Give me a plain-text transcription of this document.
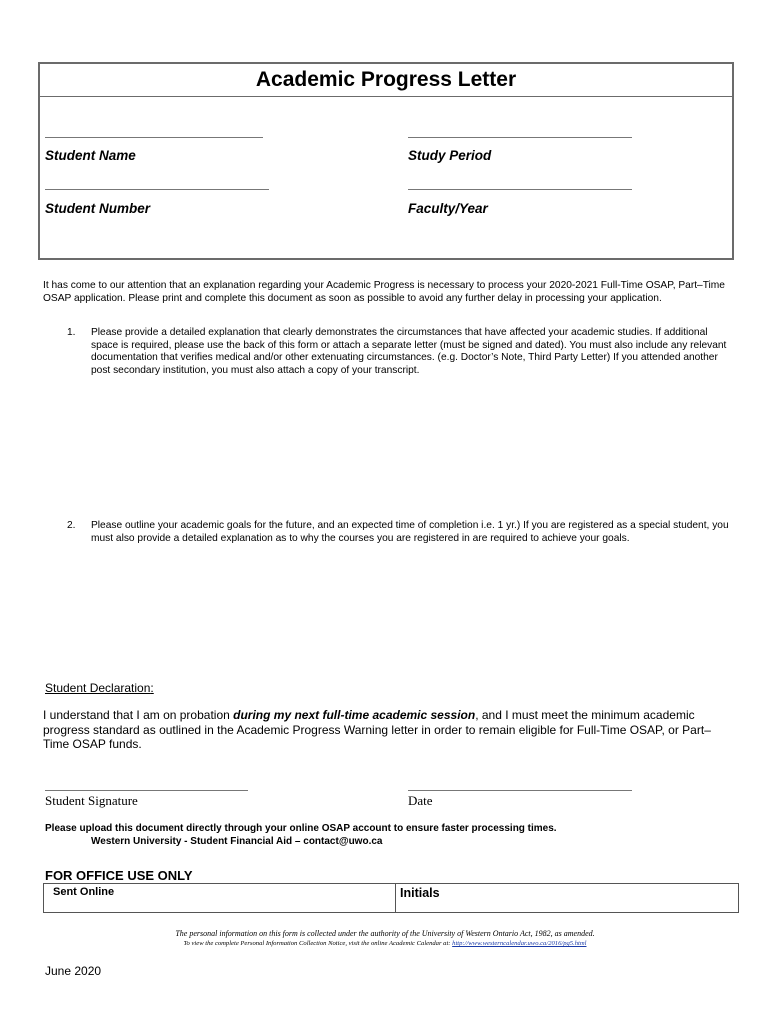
Academic Progress Letter
Student Name	Study Period
Student Number	Faculty/Year
It has come to our attention that an explanation regarding your Academic Progress is necessary to process your 2020-2021 Full-Time OSAP, Part–Time OSAP application. Please print and complete this document as soon as possible to avoid any further delay in processing your application.
1. Please provide a detailed explanation that clearly demonstrates the circumstances that have affected your academic studies. If additional space is required, please use the back of this form or attach a separate letter (must be signed and dated). You must also include any relevant documentation that verifies medical and/or other extenuating circumstances. (e.g. Doctor’s Note, Third Party Letter) If you attended another post secondary institution, you must also attach a copy of your transcript.
2. Please outline your academic goals for the future, and an expected time of completion i.e. 1 yr.) If you are registered as a special student, you must also provide a detailed explanation as to why the courses you are registered in are required to achieve your goals.
Student Declaration:
I understand that I am on probation during my next full-time academic session, and I must meet the minimum academic progress standard as outlined in the Academic Progress Warning letter in order to remain eligible for Full-Time OSAP, or Part–Time OSAP funds.
Student Signature	Date
Please upload this document directly through your online OSAP account to ensure faster processing times.
Western University - Student Financial Aid – contact@uwo.ca
FOR OFFICE USE ONLY
Sent Online	Initials
The personal information on this form is collected under the authority of the University of Western Ontario Act, 1982, as amended.
To view the complete Personal Information Collection Notice, visit the online Academic Calendar at: http://www.westerncalendar.uwo.ca/2016/pg5.html
June 2020
